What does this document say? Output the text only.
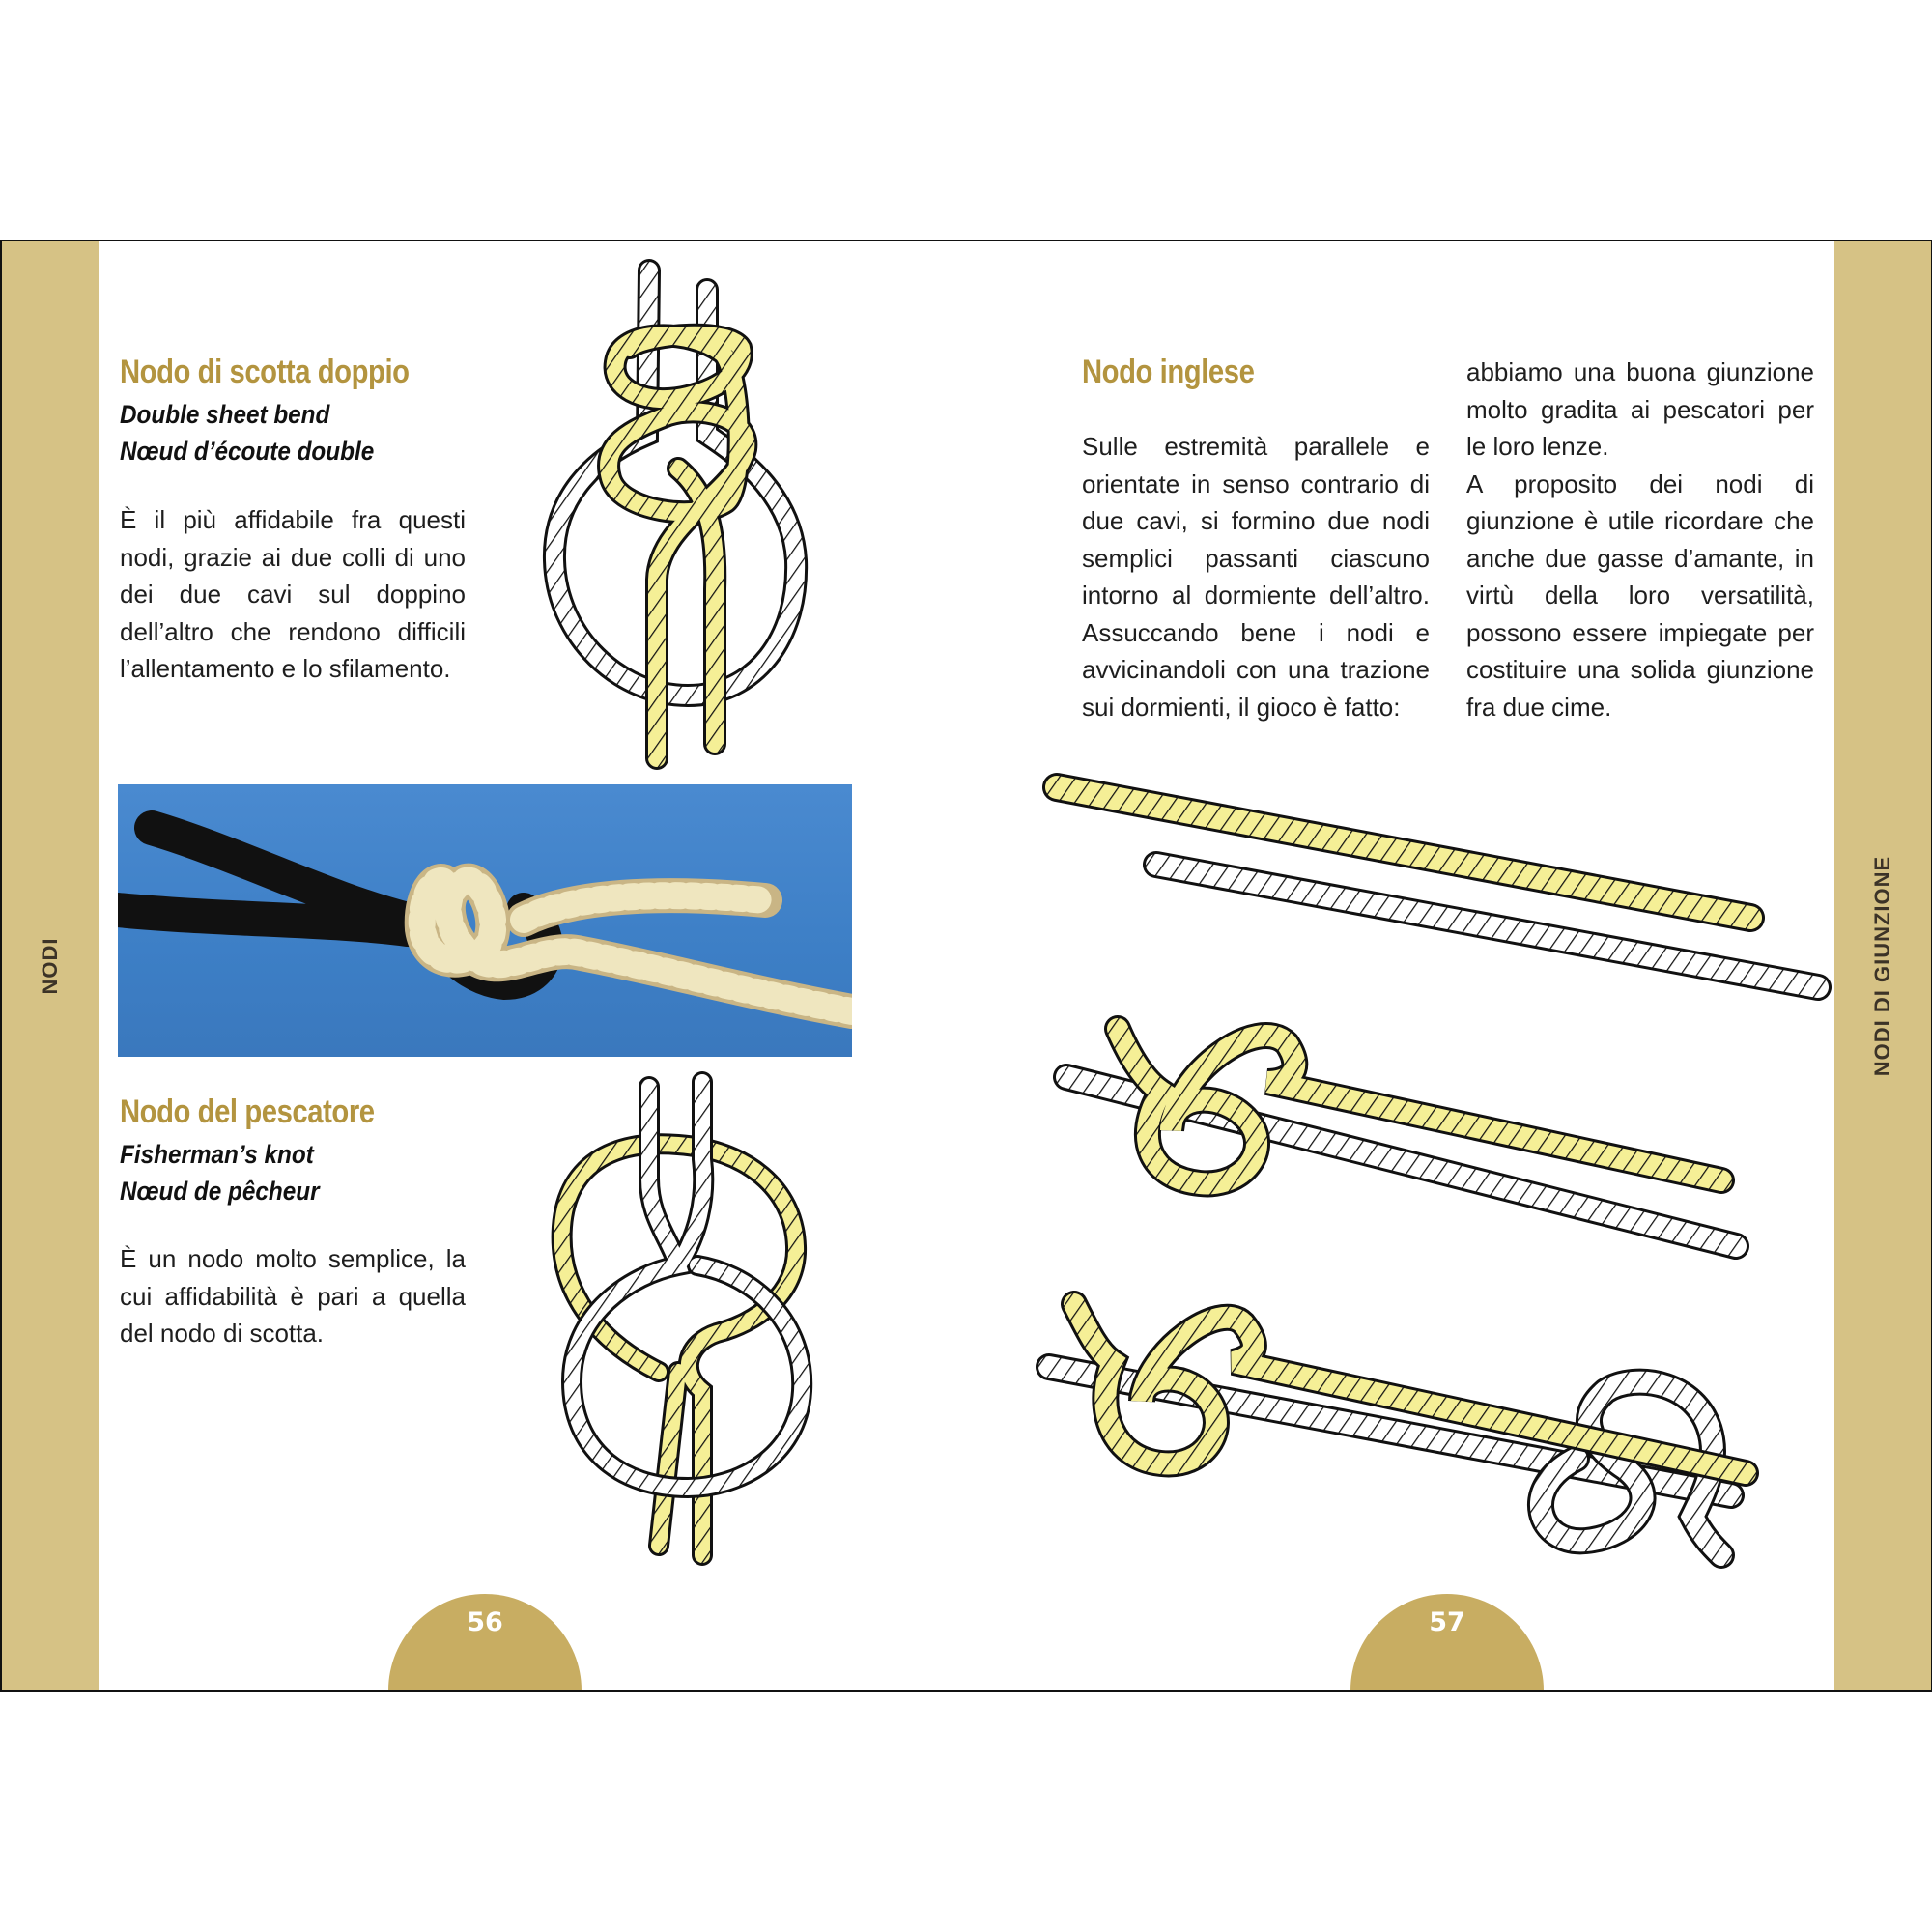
NODI	NODI DI GIUNZIONE
Nodo di scotta doppio
Double sheet bend
Nœud d’écoute double

È il più affidabile fra questi nodi, grazie ai due colli di uno dei due cavi sul doppino dell’altro che rendono difficili l’allentamento e lo sfilamento.

Nodo del pescatore
Fisherman’s knot
Nœud de pêcheur

È un nodo molto semplice, la cui affidabilità è pari a quella del nodo di scotta.

56	57
Nodo inglese

Sulle estremità parallele e orientate in senso contrario di due cavi, si formino due nodi semplici passanti ciascuno intorno al dormiente dell’altro. Assuccando bene i nodi e avvicinandoli con una trazione sui dormienti, il gioco è fatto:

abbiamo una buona giunzione molto gradita ai pescatori per le loro lenze.

A proposito dei nodi di giunzione è utile ricordare che anche due gasse d’amante, in virtù della loro versatilità, possono essere impiegate per costituire una solida giunzione fra due cime.
